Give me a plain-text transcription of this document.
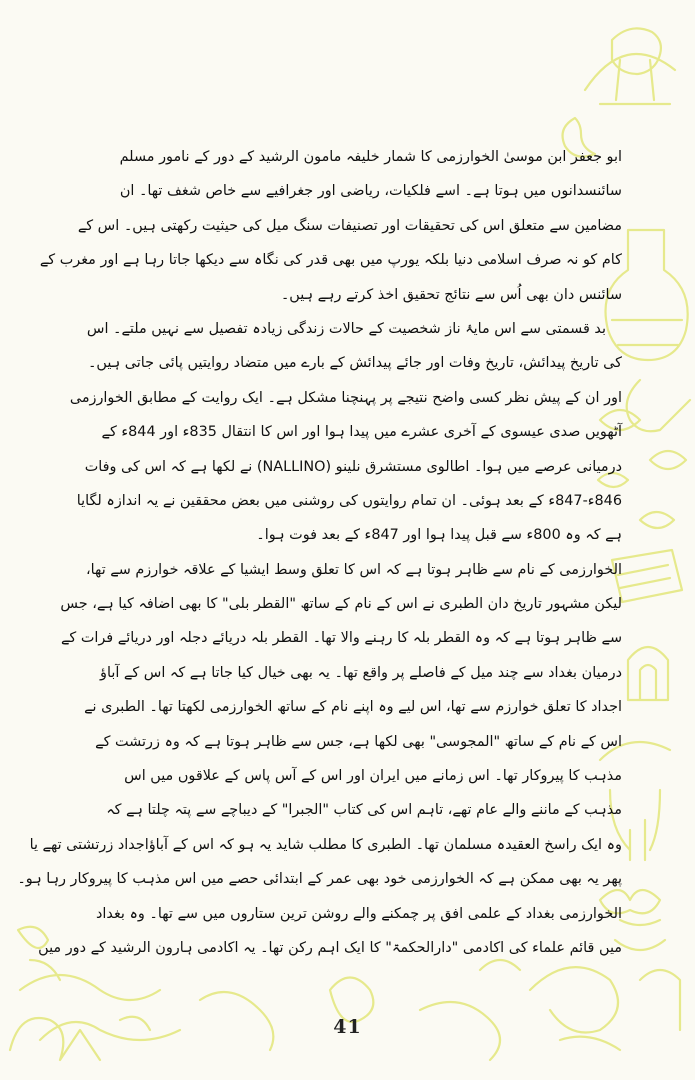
ابو جعفر ابن موسیٰ الخوارزمی کا شمار خلیفہ مامون الرشید کے دور کے نامور مسلم
سائنسدانوں میں ہوتا ہے۔ اسے فلکیات، ریاضی اور جغرافیے سے خاص شغف تھا۔ ان
مضامین سے متعلق اس کی تحقیقات اور تصنیفات سنگ میل کی حیثیت رکھتی ہیں۔ اس کے
کام کو نہ صرف اسلامی دنیا بلکہ یورپ میں بھی قدر کی نگاہ سے دیکھا جاتا رہا ہے اور مغرب کے
سائنس دان بھی اُس سے نتائج تحقیق اخذ کرتے رہے ہیں۔
بد قسمتی سے اس مایۂ ناز شخصیت کے حالات زندگی زیادہ تفصیل سے نہیں ملتے۔ اس
کی تاریخ پیدائش، تاریخ وفات اور جائے پیدائش کے بارے میں متضاد روایتیں پائی جاتی ہیں۔
اور ان کے پیش نظر کسی واضح نتیجے پر پہنچنا مشکل ہے۔ ایک روایت کے مطابق الخوارزمی
آٹھویں صدی عیسوی کے آخری عشرے میں پیدا ہوا اور اس کا انتقال 835ء اور 844ء کے
درمیانی عرصے میں ہوا۔ اطالوی مستشرق نلینو (NALLINO) نے لکھا ہے کہ اس کی وفات
846ء-847ء کے بعد ہوئی۔ ان تمام روایتوں کی روشنی میں بعض محققین نے یہ اندازہ لگایا
ہے کہ وہ 800ء سے قبل پیدا ہوا اور 847ء کے بعد فوت ہوا۔
الخوارزمی کے نام سے ظاہر ہوتا ہے کہ اس کا تعلق وسط ایشیا کے علاقہ خوارزم سے تھا،
لیکن مشہور تاریخ دان الطبری نے اس کے نام کے ساتھ "القطر بلی" کا بھی اضافہ کیا ہے، جس
سے ظاہر ہوتا ہے کہ وہ القطر بلہ کا رہنے والا تھا۔ القطر بلہ دریائے دجلہ اور دریائے فرات کے
درمیان بغداد سے چند میل کے فاصلے پر واقع تھا۔ یہ بھی خیال کیا جاتا ہے کہ اس کے آباؤ
اجداد کا تعلق خوارزم سے تھا، اس لیے وہ اپنے نام کے ساتھ الخوارزمی لکھتا تھا۔ الطبری نے
اس کے نام کے ساتھ "المجوسی" بھی لکھا ہے، جس سے ظاہر ہوتا ہے کہ وہ زرتشت کے
مذہب کا پیروکار تھا۔ اس زمانے میں ایران اور اس کے آس پاس کے علاقوں میں اس
مذہب کے ماننے والے عام تھے، تاہم اس کی کتاب "الجبرا" کے دیباچے سے پتہ چلتا ہے کہ
وہ ایک راسخ العقیدہ مسلمان تھا۔ الطبری کا مطلب شاید یہ ہو کہ اس کے آباؤاجداد زرتشتی تھے یا
پھر یہ بھی ممکن ہے کہ الخوارزمی خود بھی عمر کے ابتدائی حصے میں اس مذہب کا پیروکار رہا ہو۔
الخوارزمی بغداد کے علمی افق پر چمکنے والے روشن ترین ستاروں میں سے تھا۔ وہ بغداد
میں قائم علماء کی اکادمی "دارالحکمۃ" کا ایک اہم رکن تھا۔ یہ اکادمی ہارون الرشید کے دور میں
41
